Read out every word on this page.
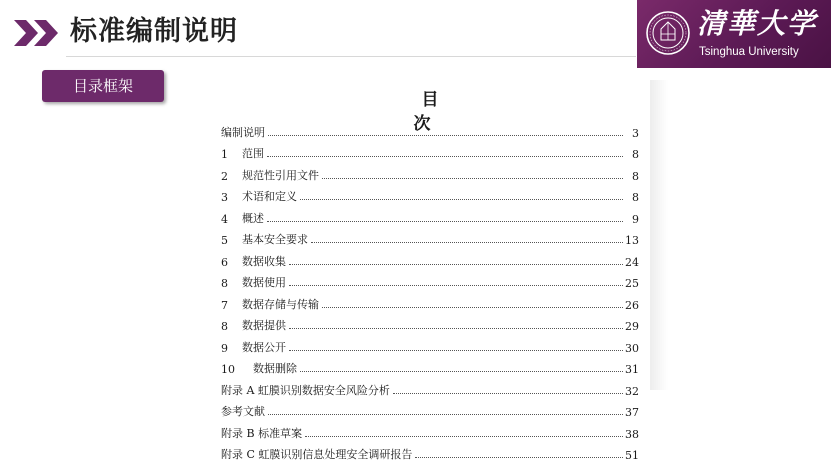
标准编制说明	清華大学
Tsinghua University
目录框架
目 次
编制说明	3
1	范围	8
2	规范性引用文件	8
3	术语和定义	8
4	概述	9
5	基本安全要求	13
6	数据收集	24
8	数据使用	25
7	数据存储与传输	26
8	数据提供	29
9	数据公开	30
10	数据删除	31
附录 A 虹膜识别数据安全风险分析	32
参考文献	37
附录 B 标准草案	38
附录 C 虹膜识别信息处理安全调研报告	51
